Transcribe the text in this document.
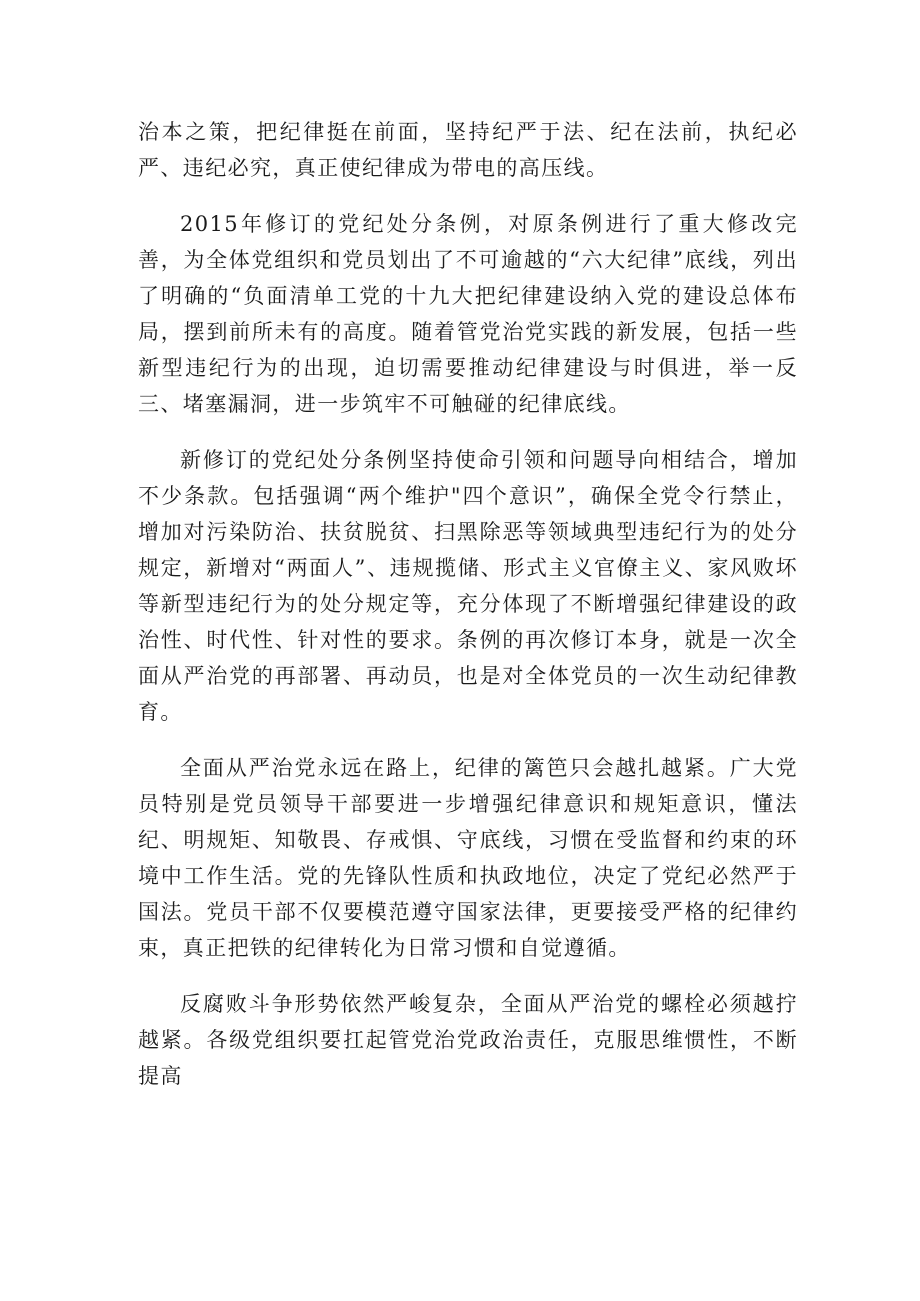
治本之策，把纪律挺在前面，坚持纪严于法、纪在法前，执纪必严、违纪必究，真正使纪律成为带电的高压线。

2015年修订的党纪处分条例，对原条例进行了重大修改完善，为全体党组织和党员划出了不可逾越的“六大纪律”底线，列出了明确的“负面清单工党的十九大把纪律建设纳入党的建设总体布局，摆到前所未有的高度。随着管党治党实践的新发展，包括一些新型违纪行为的出现，迫切需要推动纪律建设与时俱进，举一反三、堵塞漏洞，进一步筑牢不可触碰的纪律底线。

新修订的党纪处分条例坚持使命引领和问题导向相结合，增加不少条款。包括强调“两个维护"四个意识”，确保全党令行禁止，增加对污染防治、扶贫脱贫、扫黑除恶等领域典型违纪行为的处分规定，新增对“两面人”、违规揽储、形式主义官僚主义、家风败坏等新型违纪行为的处分规定等，充分体现了不断增强纪律建设的政治性、时代性、针对性的要求。条例的再次修订本身，就是一次全面从严治党的再部署、再动员，也是对全体党员的一次生动纪律教育。

全面从严治党永远在路上，纪律的篱笆只会越扎越紧。广大党员特别是党员领导干部要进一步增强纪律意识和规矩意识，懂法纪、明规矩、知敬畏、存戒惧、守底线，习惯在受监督和约束的环境中工作生活。党的先锋队性质和执政地位，决定了党纪必然严于国法。党员干部不仅要模范遵守国家法律，更要接受严格的纪律约束，真正把铁的纪律转化为日常习惯和自觉遵循。

反腐败斗争形势依然严峻复杂，全面从严治党的螺栓必须越拧越紧。各级党组织要扛起管党治党政治责任，克服思维惯性，不断提高
